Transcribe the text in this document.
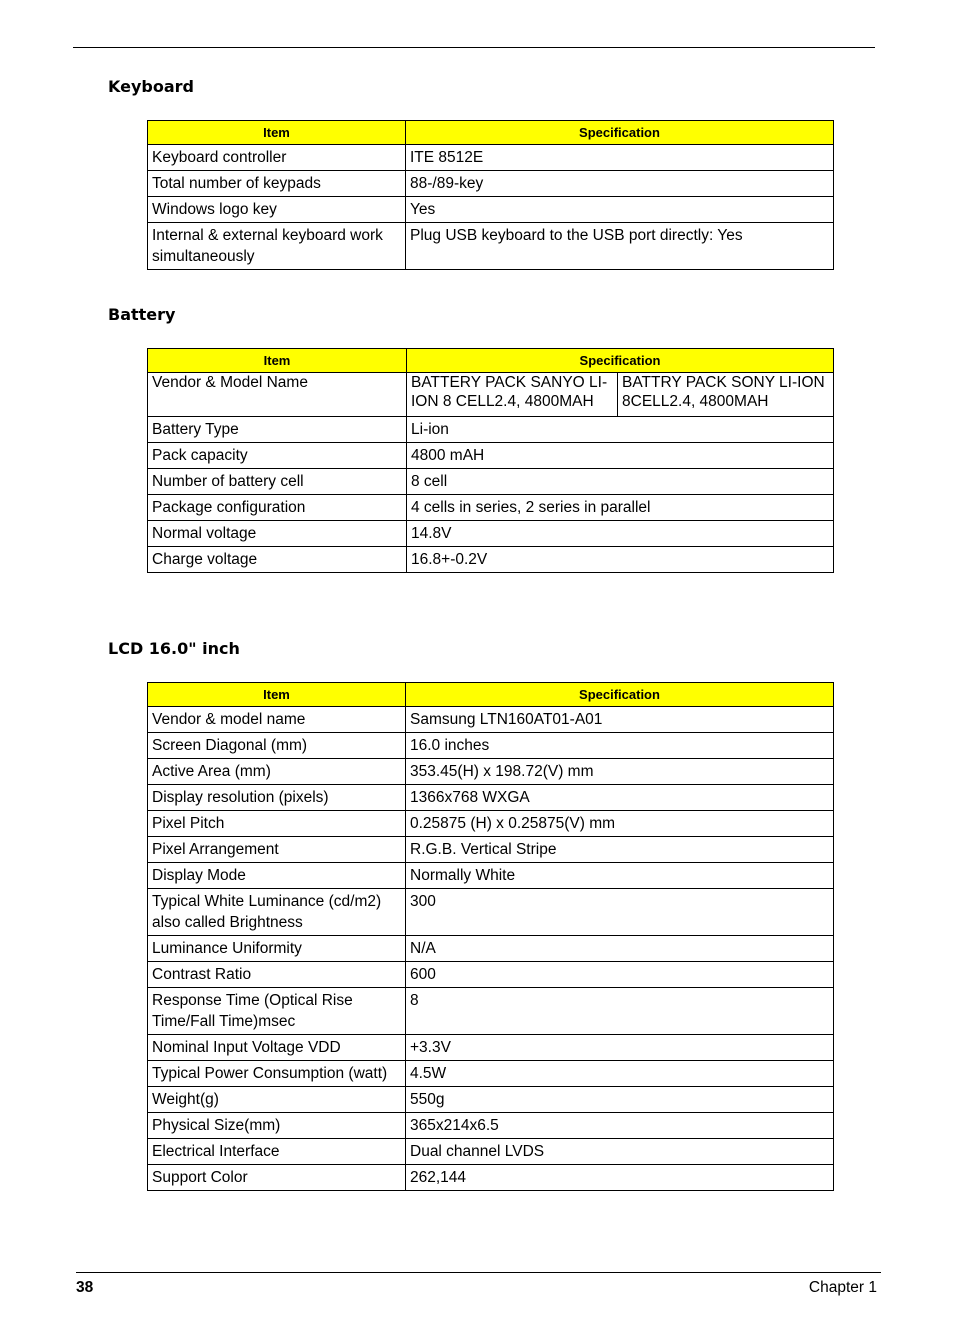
Keyboard
Item	Specification
Keyboard controller	ITE 8512E
Total number of keypads	88-/89-key
Windows logo key	Yes
Internal & external keyboard work simultaneously	Plug USB keyboard to the USB port directly: Yes
Battery
Item	Specification	
Vendor & Model Name	BATTERY PACK SANYO LI-ION 8 CELL2.4, 4800MAH	BATTRY PACK SONY LI-ION 8CELL2.4, 4800MAH
Battery Type	Li-ion	
Pack capacity	4800 mAH	
Number of battery cell	8 cell	
Package configuration	4 cells in series, 2 series in parallel	
Normal voltage	14.8V	
Charge voltage	16.8+-0.2V	
LCD 16.0" inch
Item	Specification
Vendor & model name	Samsung LTN160AT01-A01
Screen Diagonal (mm)	16.0 inches
Active Area (mm)	353.45(H) x 198.72(V) mm
Display resolution (pixels)	1366x768 WXGA
Pixel Pitch	0.25875 (H) x 0.25875(V) mm
Pixel Arrangement	R.G.B. Vertical Stripe
Display Mode	Normally White
Typical White Luminance (cd/m2) also called Brightness	300
Luminance Uniformity	N/A
Contrast Ratio	600
Response Time (Optical Rise Time/Fall Time)msec	8
Nominal Input Voltage VDD	+3.3V
Typical Power Consumption (watt)	4.5W
Weight(g)	550g
Physical Size(mm)	365x214x6.5
Electrical Interface	Dual channel LVDS
Support Color	262,144
38	Chapter 1
